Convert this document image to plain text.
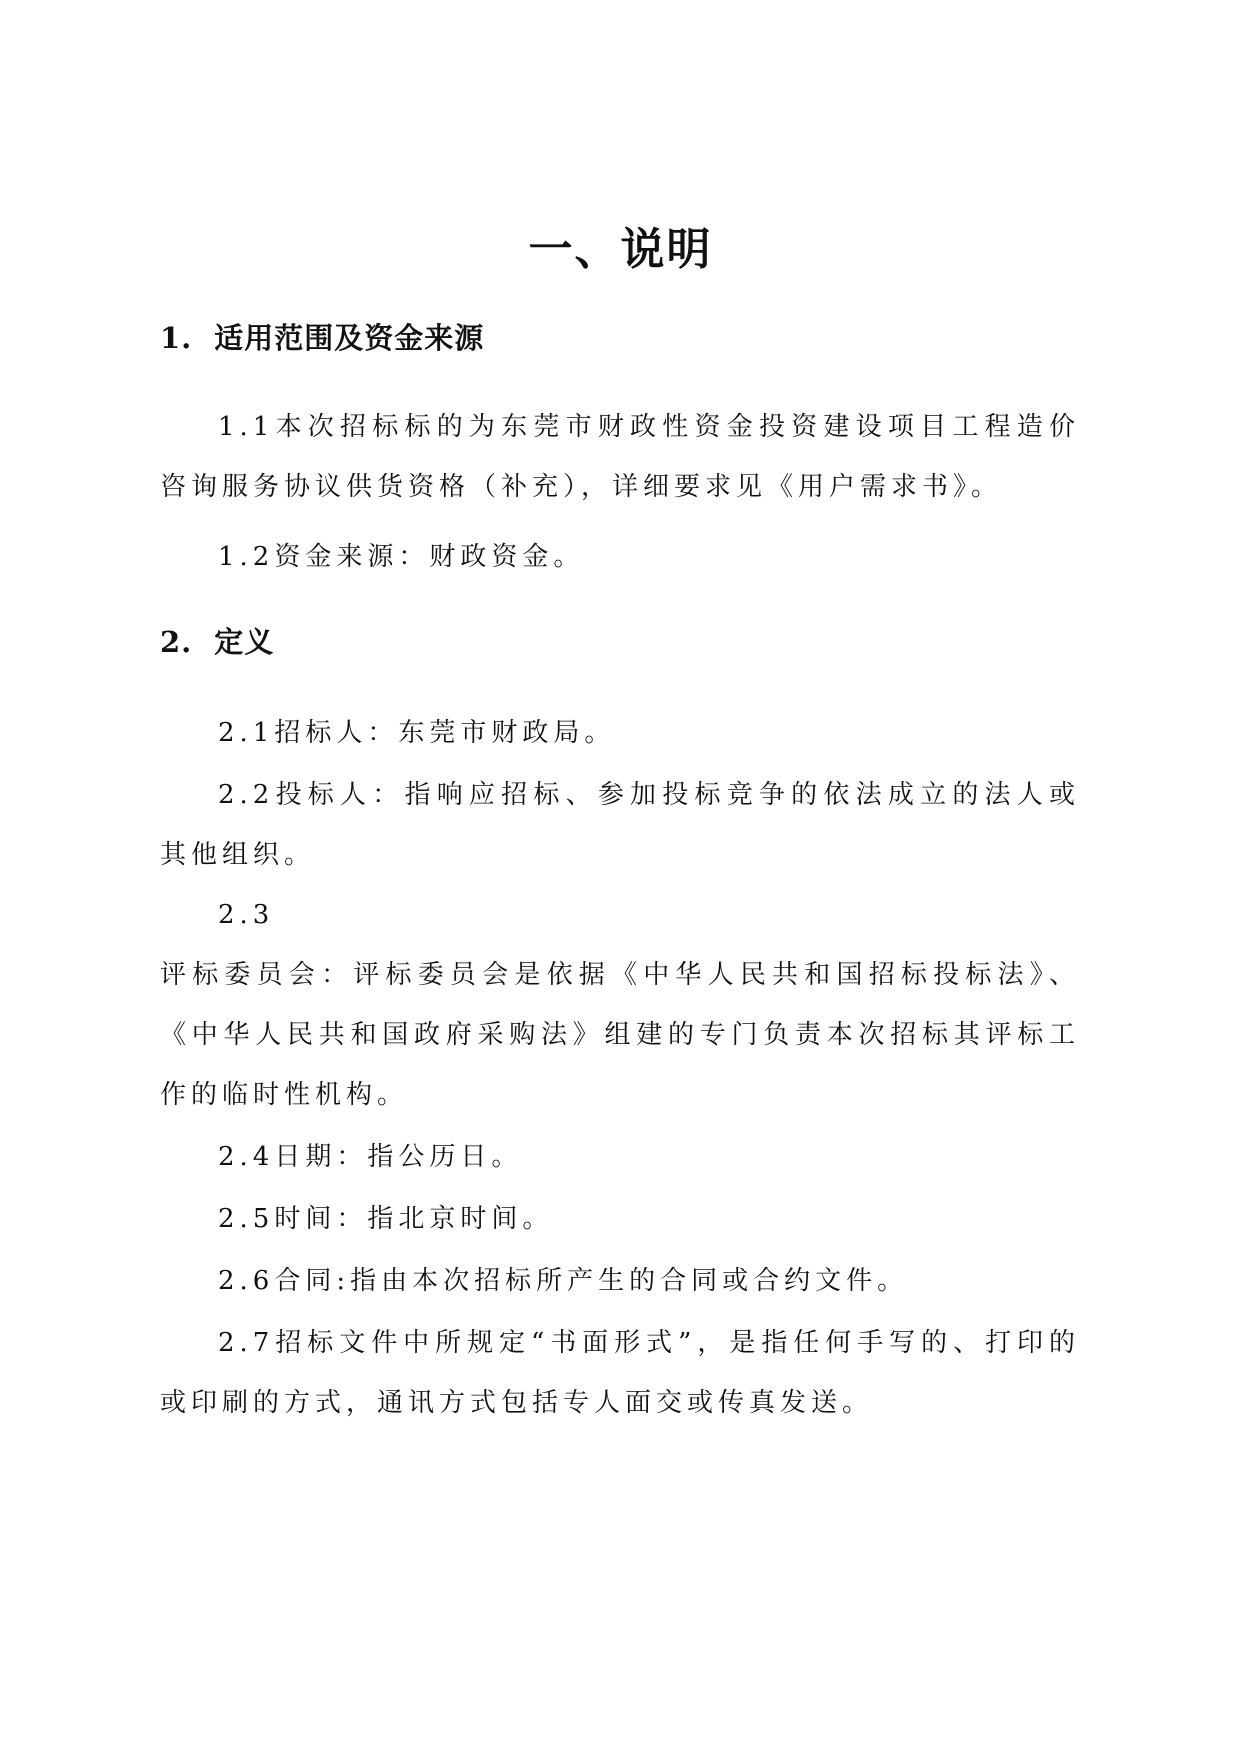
一、说明
1. 适用范围及资金来源

1.1本次招标标的为东莞市财政性资金投资建设项目工程造价咨询服务协议供货资格（补充），详细要求见《用户需求书》。

1.2资金来源：财政资金。

2. 定义

2.1招标人：东莞市财政局。

2.2投标人：指响应招标、参加投标竞争的依法成立的法人或其他组织。

2.3

评标委员会：评标委员会是依据《中华人民共和国招标投标法》、《中华人民共和国政府采购法》组建的专门负责本次招标其评标工作的临时性机构。

2.4日期：指公历日。

2.5时间：指北京时间。

2.6合同:指由本次招标所产生的合同或合约文件。

2.7招标文件中所规定“书面形式”，是指任何手写的、打印的或印刷的方式，通讯方式包括专人面交或传真发送。
